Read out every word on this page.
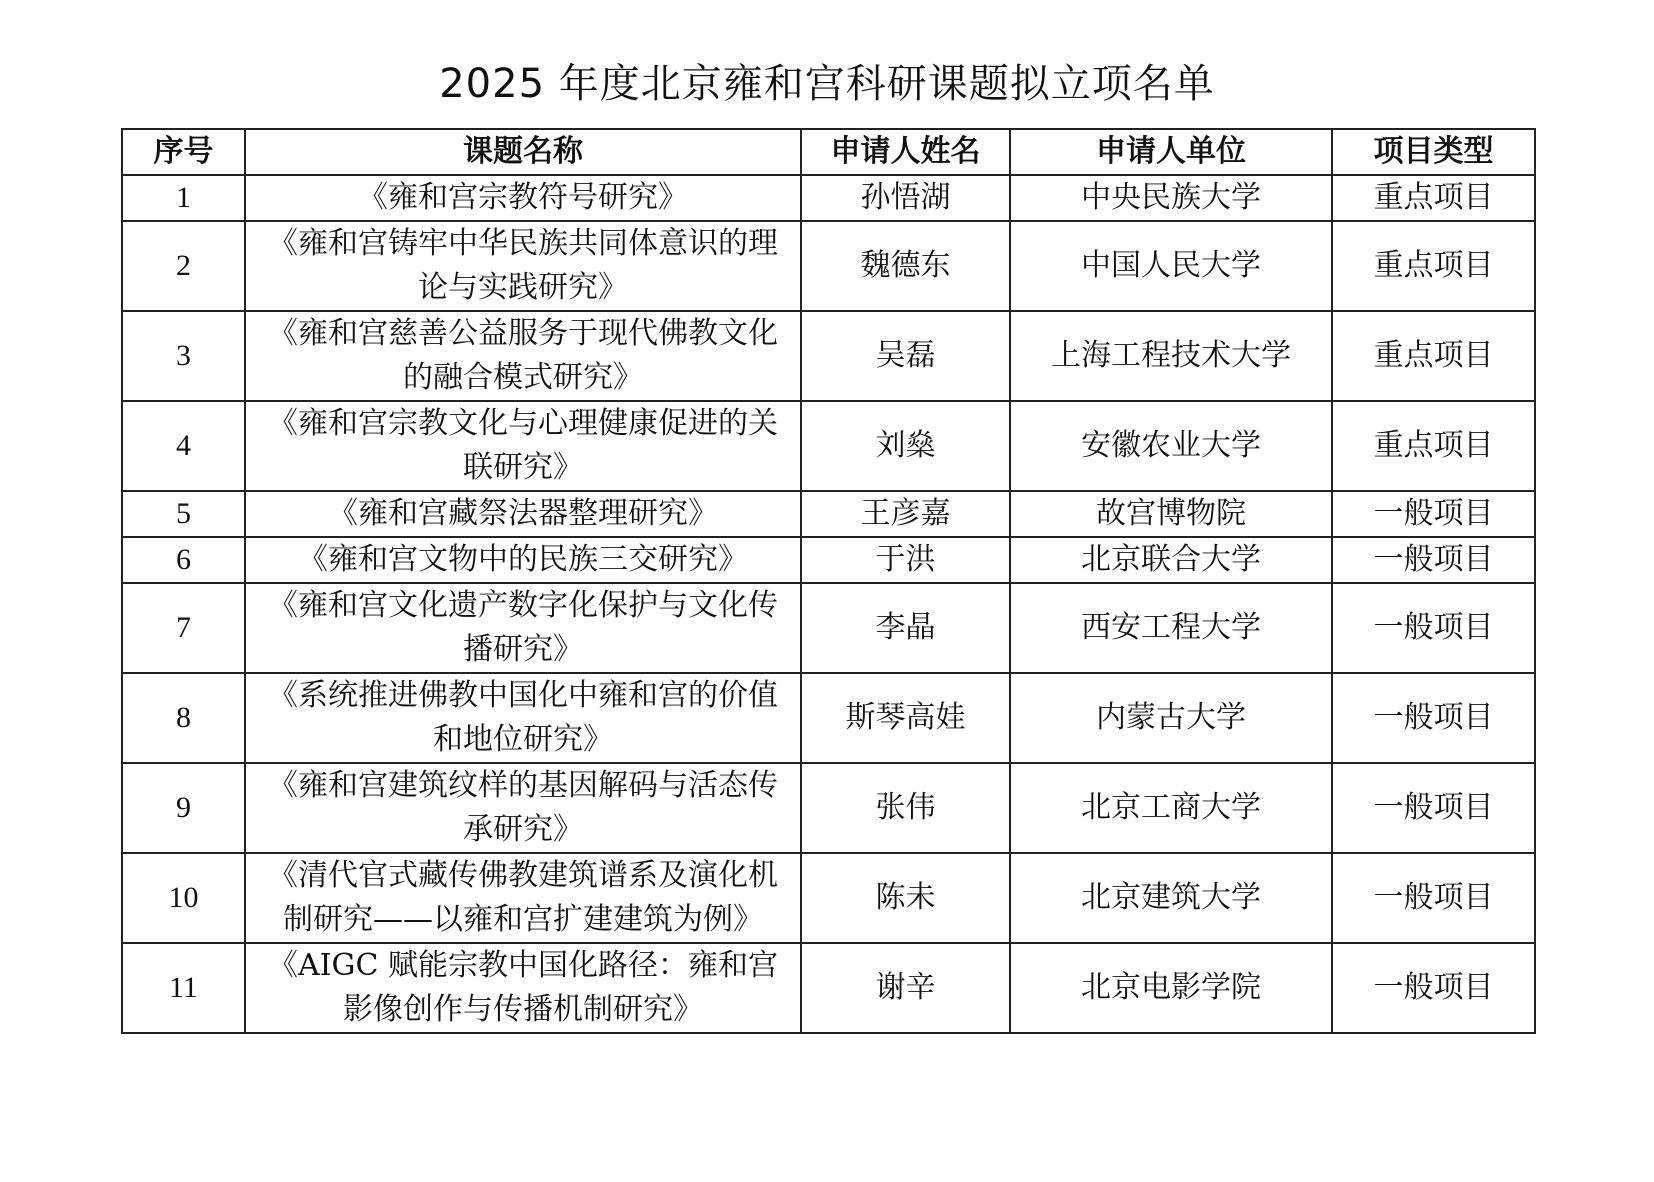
2025 年度北京雍和宫科研课题拟立项名单
序号	课题名称	申请人姓名	申请人单位	项目类型
1	《雍和宫宗教符号研究》	孙悟湖	中央民族大学	重点项目
2	《雍和宫铸牢中华民族共同体意识的理论与实践研究》	魏德东	中国人民大学	重点项目
3	《雍和宫慈善公益服务于现代佛教文化的融合模式研究》	吴磊	上海工程技术大学	重点项目
4	《雍和宫宗教文化与心理健康促进的关联研究》	刘燊	安徽农业大学	重点项目
5	《雍和宫藏祭法器整理研究》	王彦嘉	故宫博物院	一般项目
6	《雍和宫文物中的民族三交研究》	于洪	北京联合大学	一般项目
7	《雍和宫文化遗产数字化保护与文化传播研究》	李晶	西安工程大学	一般项目
8	《系统推进佛教中国化中雍和宫的价值和地位研究》	斯琴高娃	内蒙古大学	一般项目
9	《雍和宫建筑纹样的基因解码与活态传承研究》	张伟	北京工商大学	一般项目
10	《清代官式藏传佛教建筑谱系及演化机制研究——以雍和宫扩建建筑为例》	陈未	北京建筑大学	一般项目
11	《AIGC 赋能宗教中国化路径：雍和宫影像创作与传播机制研究》	谢辛	北京电影学院	一般项目
